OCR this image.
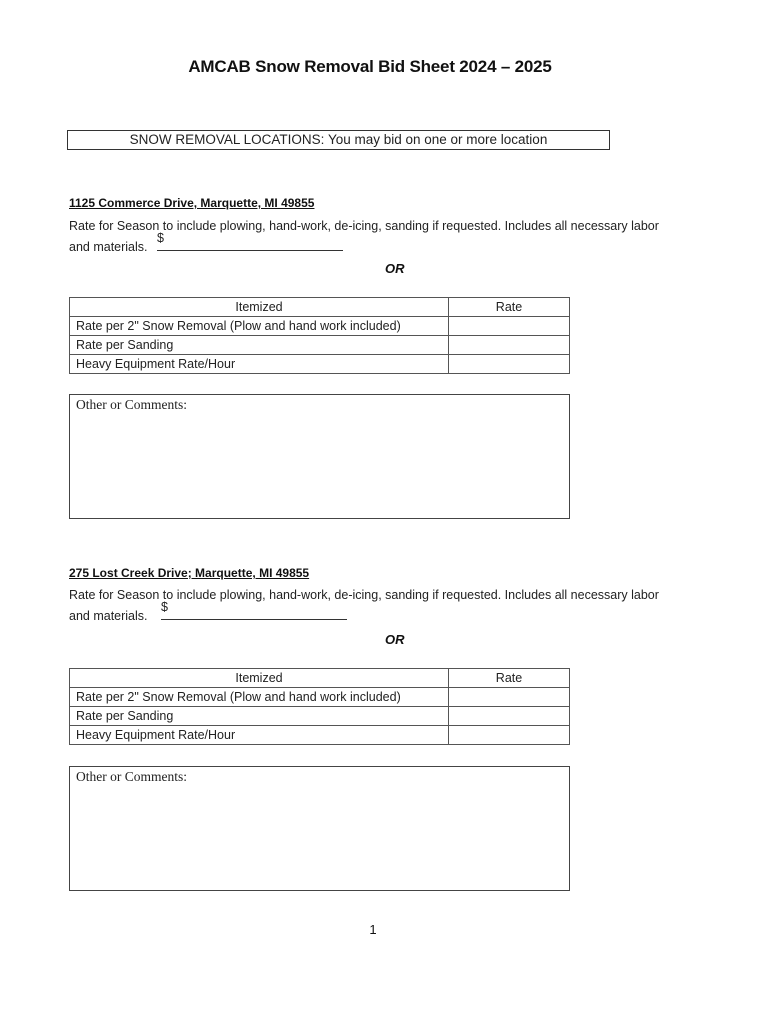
AMCAB Snow Removal Bid Sheet 2024 – 2025
SNOW REMOVAL LOCATIONS: You may bid on one or more location
1125 Commerce Drive, Marquette, MI 49855
Rate for Season to include plowing, hand-work, de-icing, sanding if requested. Includes all necessary labor
and materials.
$
OR
Itemized	Rate
Rate per 2" Snow Removal (Plow and hand work included)	
Rate per Sanding	
Heavy Equipment Rate/Hour	
Other or Comments:
275 Lost Creek Drive; Marquette, MI 49855
Rate for Season to include plowing, hand-work, de-icing, sanding if requested. Includes all necessary labor
and materials.
$
OR
Itemized	Rate
Rate per 2" Snow Removal (Plow and hand work included)	
Rate per Sanding	
Heavy Equipment Rate/Hour	
Other or Comments:
1
